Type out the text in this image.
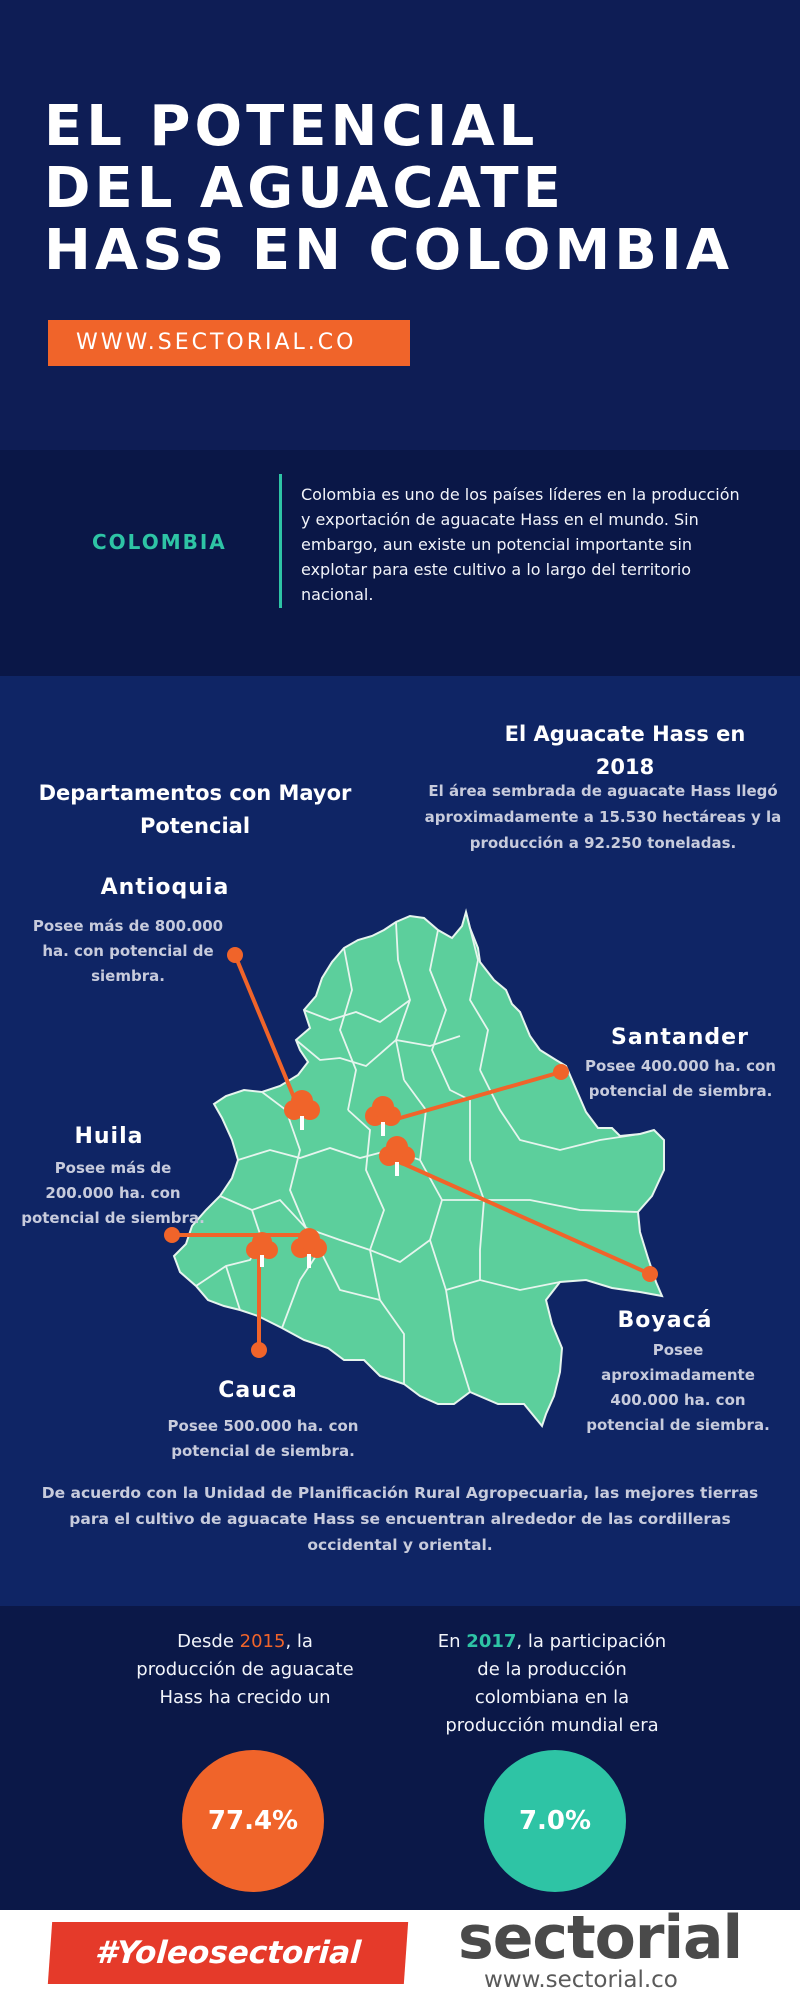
EL POTENCIAL
DEL AGUACATE
HASS EN COLOMBIA
WWW.SECTORIAL.CO
COLOMBIA

Colombia es uno de los países líderes en la producción y exportación de aguacate Hass en el mundo. Sin embargo, aun existe un potencial importante sin explotar para este cultivo a lo largo del territorio nacional.

Departamentos con Mayor Potencial
El Aguacate Hass en 2018

El área sembrada de aguacate Hass llegó aproximadamente a 15.530 hectáreas y la producción a 92.250 toneladas.

Antioquia

Posee más de 800.000 ha. con potencial de siembra.

Santander

Posee 400.000 ha. con potencial de siembra.

Huila

Posee más de 200.000 ha. con potencial de siembra.

Boyacá

Posee aproximadamente 400.000 ha. con potencial de siembra.

Cauca

Posee 500.000 ha. con potencial de siembra.

De acuerdo con la Unidad de Planificación Rural Agropecuaria, las mejores tierras para el cultivo de aguacate Hass se encuentran alrededor de las cordilleras occidental y oriental.

Desde 2015, la producción de aguacate Hass ha crecido un

77.4%

En 2017, la participación de la producción colombiana en la producción mundial era

7.0%
#Yoleosectorial	sectorial
www.sectorial.co
